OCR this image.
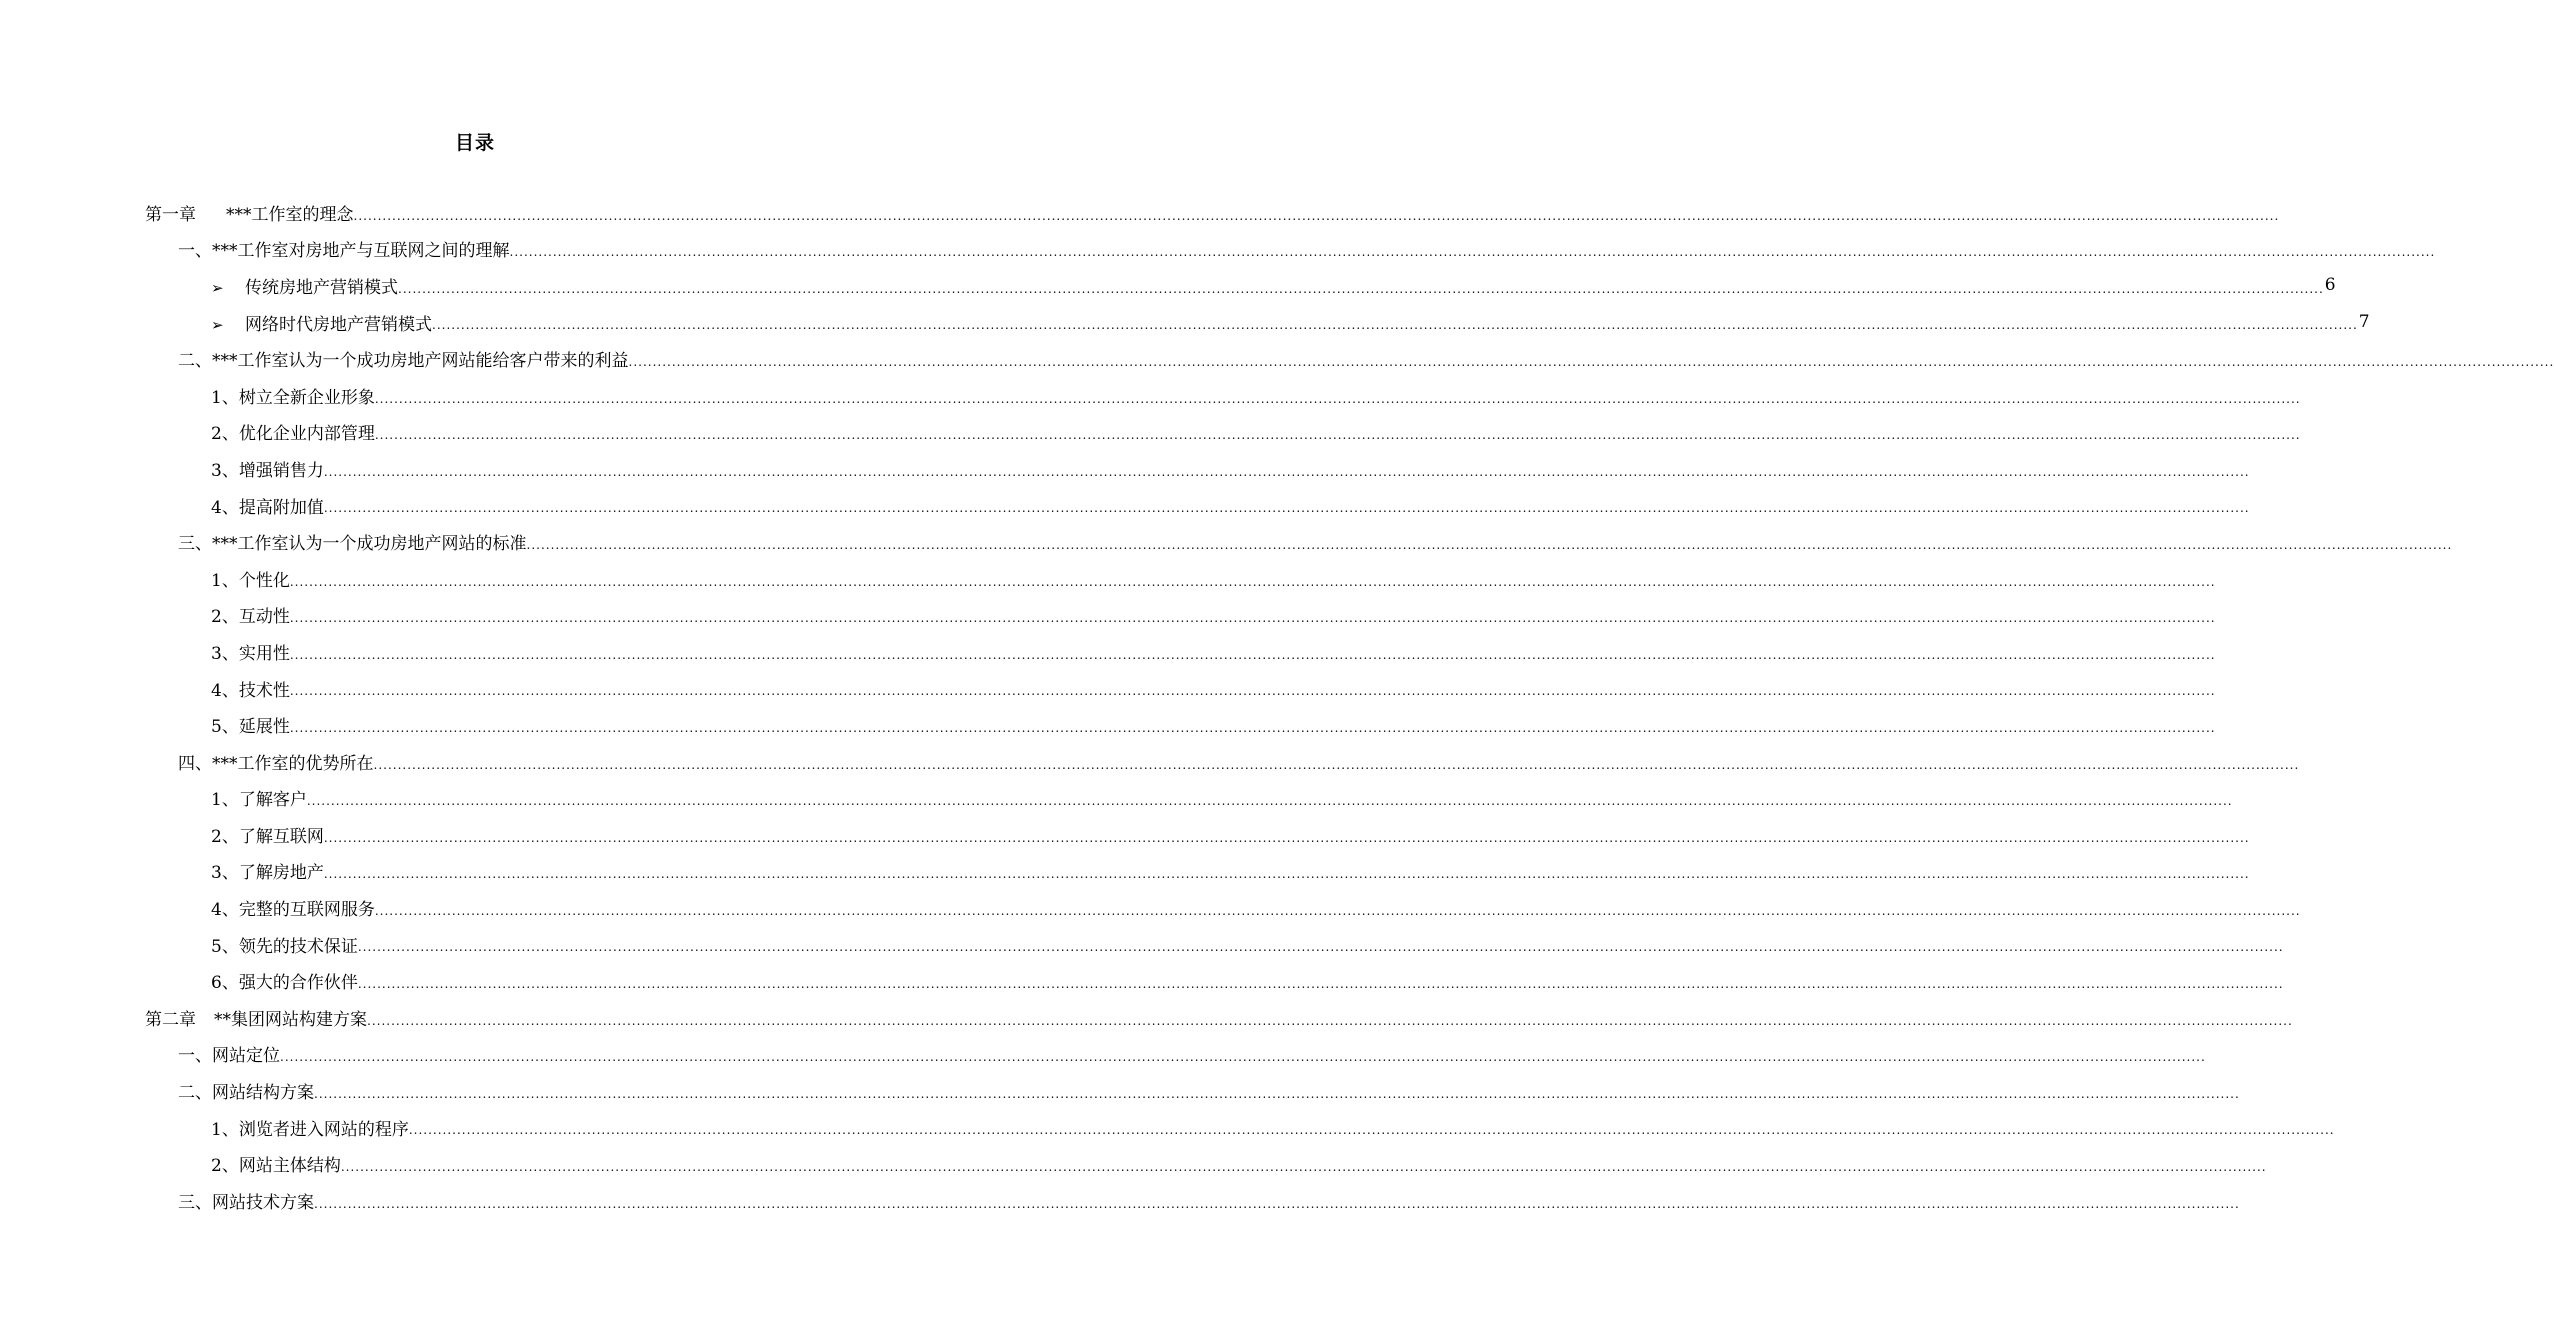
目录
第一章 ***工作室的理念 ................................................................................................................................................................................................................................................................................................................................................................................................................
一、***工作室对房地产与互联网之间的理解 ................................................................................................................................................................................................................................................................................................................................................................................................................
➢ 传统房地产营销模式 ................................................................................................................................................................................................................................................................................................................................................................................................................ 6
➢ 网络时代房地产营销模式 ................................................................................................................................................................................................................................................................................................................................................................................................................ 7
二、***工作室认为一个成功房地产网站能给客户带来的利益 ................................................................................................................................................................................................................................................................................................................................................................................................................
1、树立全新企业形象 ................................................................................................................................................................................................................................................................................................................................................................................................................
2、优化企业内部管理 ................................................................................................................................................................................................................................................................................................................................................................................................................
3、增强销售力 ................................................................................................................................................................................................................................................................................................................................................................................................................
4、提高附加值 ................................................................................................................................................................................................................................................................................................................................................................................................................
三、***工作室认为一个成功房地产网站的标准 ................................................................................................................................................................................................................................................................................................................................................................................................................
1、个性化 ................................................................................................................................................................................................................................................................................................................................................................................................................
2、互动性 ................................................................................................................................................................................................................................................................................................................................................................................................................
3、实用性 ................................................................................................................................................................................................................................................................................................................................................................................................................
4、技术性 ................................................................................................................................................................................................................................................................................................................................................................................................................
5、延展性 ................................................................................................................................................................................................................................................................................................................................................................................................................
四、***工作室的优势所在 ................................................................................................................................................................................................................................................................................................................................................................................................................
1、了解客户 ................................................................................................................................................................................................................................................................................................................................................................................................................
2、了解互联网 ................................................................................................................................................................................................................................................................................................................................................................................................................
3、了解房地产 ................................................................................................................................................................................................................................................................................................................................................................................................................
4、完整的互联网服务 ................................................................................................................................................................................................................................................................................................................................................................................................................
5、领先的技术保证 ................................................................................................................................................................................................................................................................................................................................................................................................................
6、强大的合作伙伴 ................................................................................................................................................................................................................................................................................................................................................................................................................
第二章 **集团网站构建方案 ................................................................................................................................................................................................................................................................................................................................................................................................................
一、网站定位 ................................................................................................................................................................................................................................................................................................................................................................................................................
二、网站结构方案 ................................................................................................................................................................................................................................................................................................................................................................................................................
1、浏览者进入网站的程序 ................................................................................................................................................................................................................................................................................................................................................................................................................
2、网站主体结构 ................................................................................................................................................................................................................................................................................................................................................................................................................
三、网站技术方案 ................................................................................................................................................................................................................................................................................................................................................................................................................
